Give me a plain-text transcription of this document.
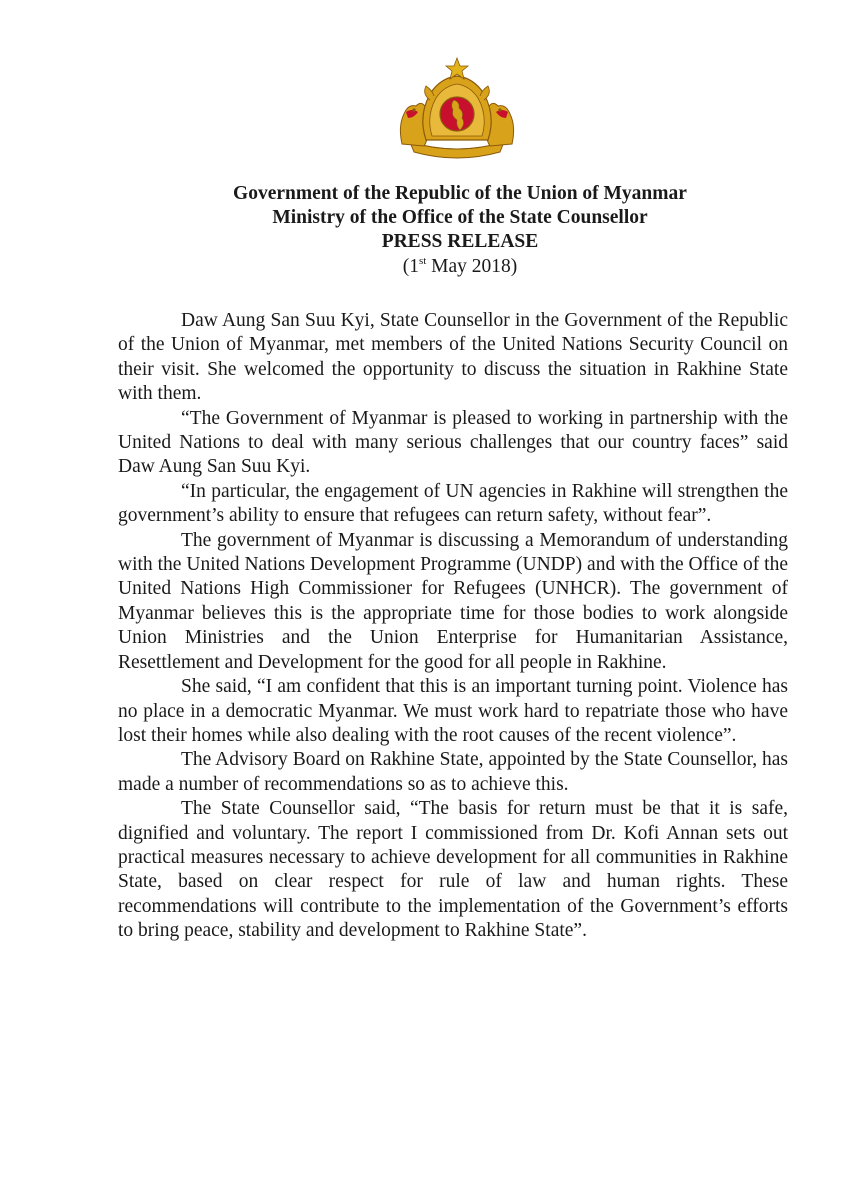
Government of the Republic of the Union of Myanmar
Ministry of the Office of the State Counsellor
PRESS RELEASE
(1st May 2018)

Daw Aung San Suu Kyi, State Counsellor in the Government of the Republic of the Union of Myanmar, met members of the United Nations Security Council on their visit. She welcomed the opportunity to discuss the situation in Rakhine State with them.

“The Government of Myanmar is pleased to working in partnership with the United Nations to deal with many serious challenges that our country faces” said Daw Aung San Suu Kyi.

“In particular, the engagement of UN agencies in Rakhine will strengthen the government’s ability to ensure that refugees can return safety, without fear”.

The government of Myanmar is discussing a Memorandum of understanding with the United Nations Development Programme (UNDP) and with the Office of the United Nations High Commissioner for Refugees (UNHCR). The government of Myanmar believes this is the appropriate time for those bodies to work alongside Union Ministries and the Union Enterprise for Humanitarian Assistance, Resettlement and Development for the good for all people in Rakhine.

She said, “I am confident that this is an important turning point. Violence has no place in a democratic Myanmar. We must work hard to repatriate those who have lost their homes while also dealing with the root causes of the recent violence”.

The Advisory Board on Rakhine State, appointed by the State Counsellor, has made a number of recommendations so as to achieve this.

The State Counsellor said, “The basis for return must be that it is safe, dignified and voluntary. The report I commissioned from Dr. Kofi Annan sets out practical measures necessary to achieve development for all communities in Rakhine State, based on clear respect for rule of law and human rights. These recommendations will contribute to the implementation of the Government’s efforts to bring peace, stability and development to Rakhine State”.
